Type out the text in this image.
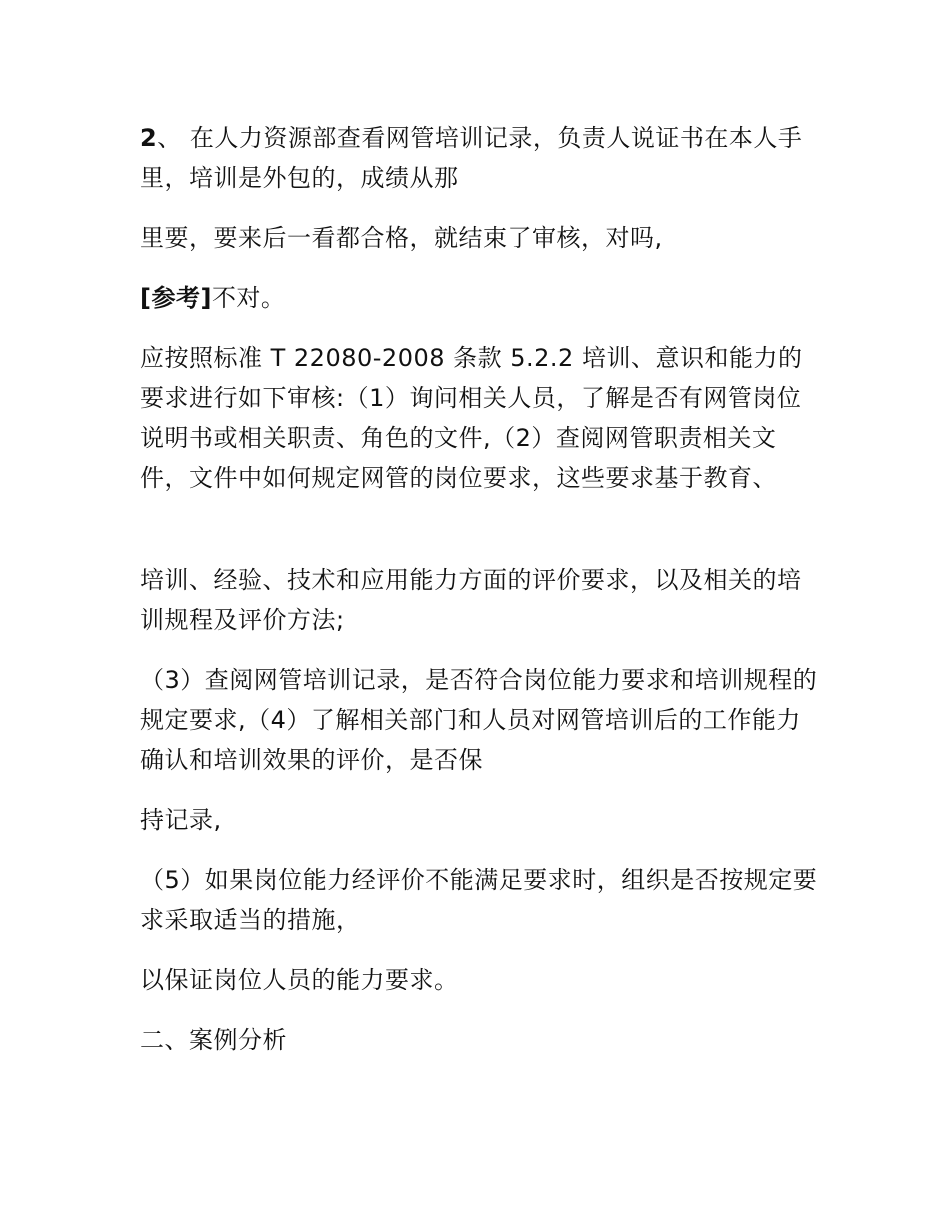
2、 在人力资源部查看网管培训记录，负责人说证书在本人手里，培训是外包的，成绩从那

里要，要来后一看都合格，就结束了审核，对吗,

[参考]不对。

应按照标准 T 22080-2008 条款 5.2.2 培训、意识和能力的要求进行如下审核:（1）询问相关人员，了解是否有网管岗位说明书或相关职责、角色的文件,（2）查阅网管职责相关文件，文件中如何规定网管的岗位要求，这些要求基于教育、

培训、经验、技术和应用能力方面的评价要求，以及相关的培训规程及评价方法;

（3）查阅网管培训记录，是否符合岗位能力要求和培训规程的规定要求,（4）了解相关部门和人员对网管培训后的工作能力确认和培训效果的评价，是否保

持记录,

（5）如果岗位能力经评价不能满足要求时，组织是否按规定要求采取适当的措施，

以保证岗位人员的能力要求。

二、案例分析
